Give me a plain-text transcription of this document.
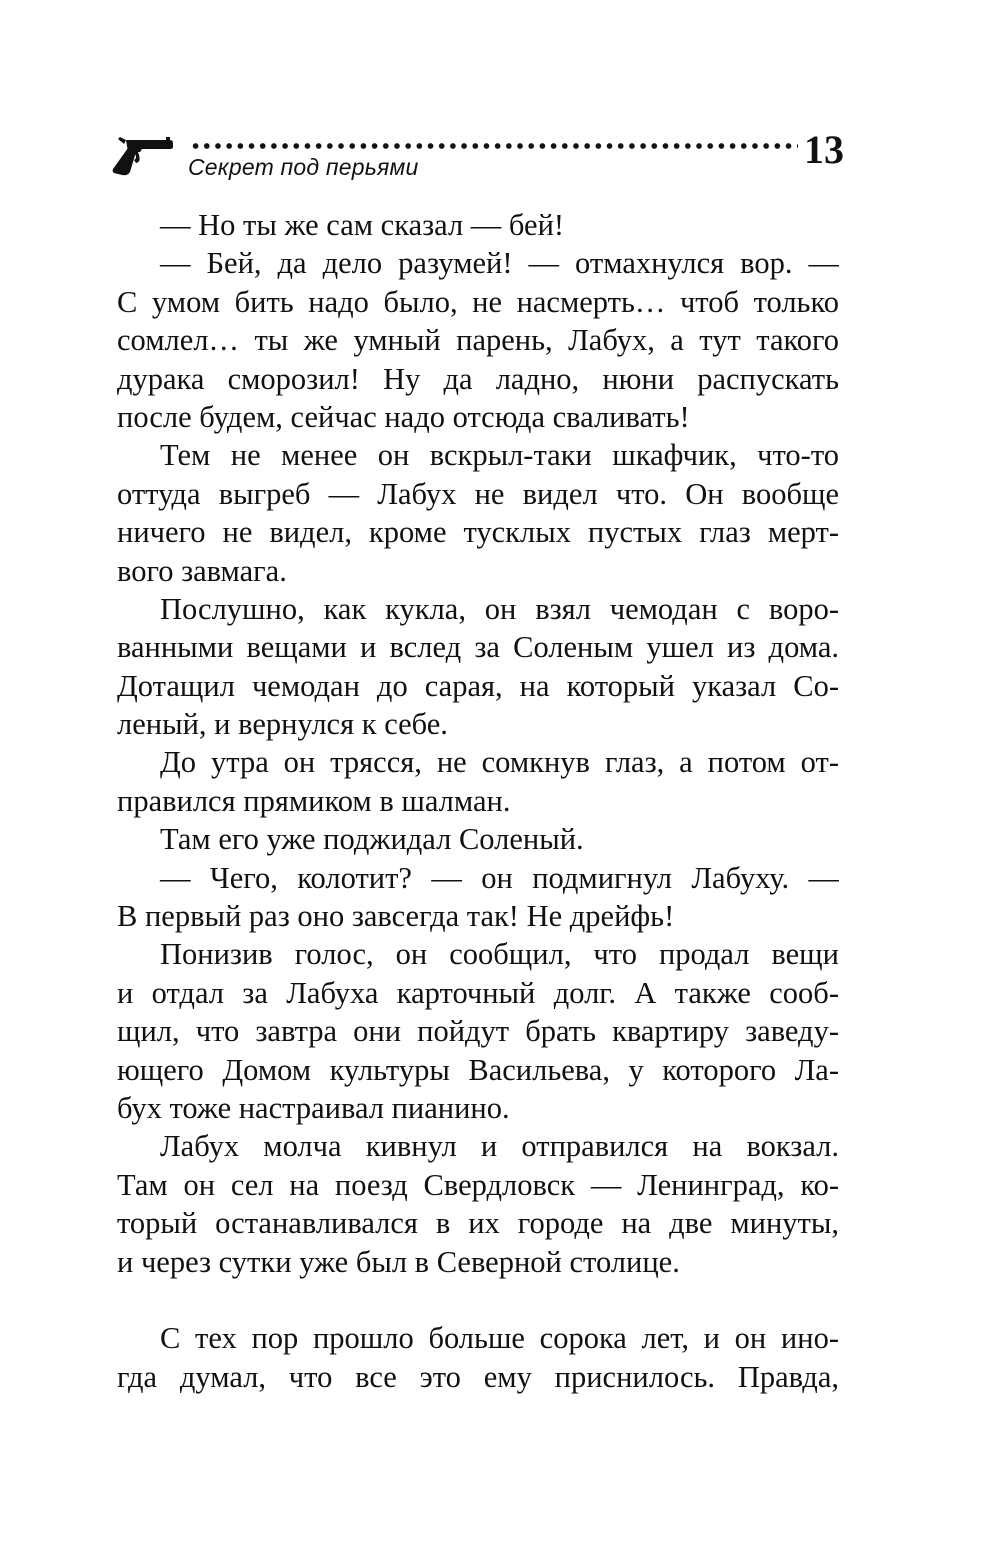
Секрет под перьями	13
— Но ты же сам сказал — бей!
— Бей, да дело разумей! — отмахнулся вор. —
С умом бить надо было, не насмерть… чтоб только
сомлел… ты же умный парень, Лабух, а тут такого
дурака сморозил! Ну да ладно, нюни распускать
после будем, сейчас надо отсюда сваливать!
Тем не менее он вскрыл-таки шкафчик, что-то
оттуда выгреб — Лабух не видел что. Он вообще
ничего не видел, кроме тусклых пустых глаз мерт-
вого завмага.
Послушно, как кукла, он взял чемодан с воро-
ванными вещами и вслед за Соленым ушел из дома.
Дотащил чемодан до сарая, на который указал Со-
леный, и вернулся к себе.
До утра он трясся, не сомкнув глаз, а потом от-
правился прямиком в шалман.
Там его уже поджидал Соленый.
— Чего, колотит? — он подмигнул Лабуху. —
В первый раз оно завсегда так! Не дрейфь!
Понизив голос, он сообщил, что продал вещи
и отдал за Лабуха карточный долг. А также сооб-
щил, что завтра они пойдут брать квартиру заведу-
ющего Домом культуры Васильева, у которого Ла-
бух тоже настраивал пианино.
Лабух молча кивнул и отправился на вокзал.
Там он сел на поезд Свердловск — Ленинград, ко-
торый останавливался в их городе на две минуты,
и через сутки уже был в Северной столице.
С тех пор прошло больше сорока лет, и он ино-
гда думал, что все это ему приснилось. Правда,
